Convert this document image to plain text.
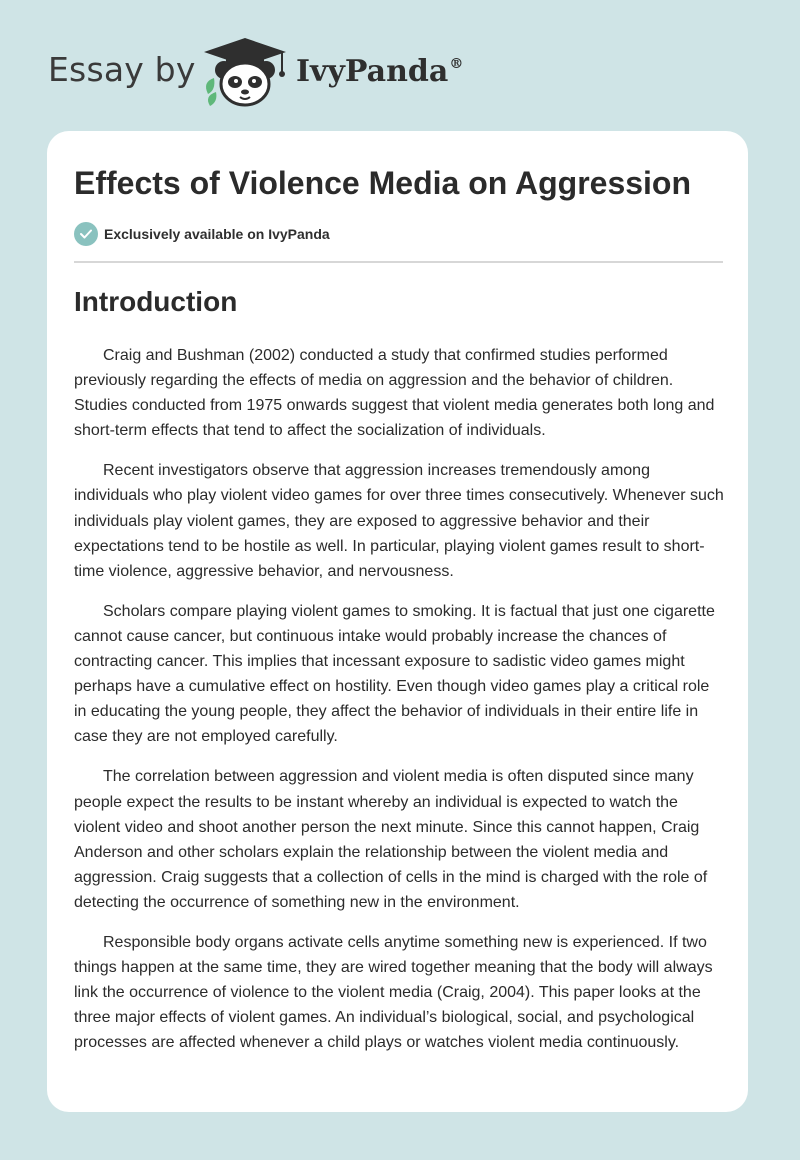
Essay by	IvyPanda®
Effects of Violence Media on Aggression
Exclusively available on IvyPanda
Introduction

Craig and Bushman (2002) conducted a study that confirmed studies performed previously regarding the effects of media on aggression and the behavior of children. Studies conducted from 1975 onwards suggest that violent media generates both long and short-term effects that tend to affect the socialization of individuals.

Recent investigators observe that aggression increases tremendously among individuals who play violent video games for over three times consecutively. Whenever such individuals play violent games, they are exposed to aggressive behavior and their expectations tend to be hostile as well. In particular, playing violent games result to short-time violence, aggressive behavior, and nervousness.

Scholars compare playing violent games to smoking. It is factual that just one cigarette cannot cause cancer, but continuous intake would probably increase the chances of contracting cancer. This implies that incessant exposure to sadistic video games might perhaps have a cumulative effect on hostility. Even though video games play a critical role in educating the young people, they affect the behavior of individuals in their entire life in case they are not employed carefully.

The correlation between aggression and violent media is often disputed since many people expect the results to be instant whereby an individual is expected to watch the violent video and shoot another person the next minute. Since this cannot happen, Craig Anderson and other scholars explain the relationship between the violent media and aggression. Craig suggests that a collection of cells in the mind is charged with the role of detecting the occurrence of something new in the environment.

Responsible body organs activate cells anytime something new is experienced. If two things happen at the same time, they are wired together meaning that the body will always link the occurrence of violence to the violent media (Craig, 2004). This paper looks at the three major effects of violent games. An individual’s biological, social, and psychological processes are affected whenever a child plays or watches violent media continuously.
